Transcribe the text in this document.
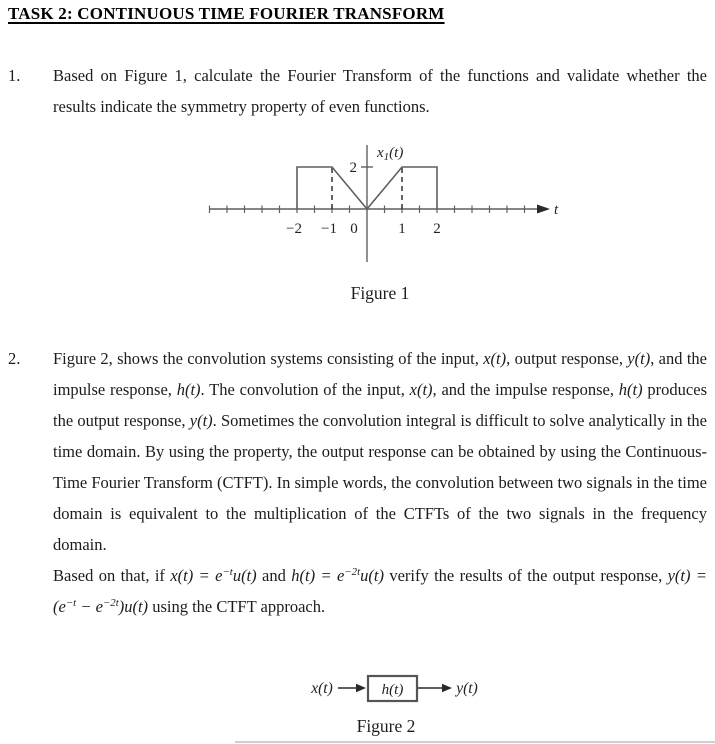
TASK 2: CONTINUOUS TIME FOURIER TRANSFORM
1. Based on Figure 1, calculate the Fourier Transform of the functions and validate whether the results indicate the symmetry property of even functions.
t
$x_1(t)$
2
−2 −1 0	1 2
Figure 1
2. Figure 2, shows the convolution systems consisting of the input, x(t), output response, y(t), and the impulse response, h(t). The convolution of the input, x(t), and the impulse response, h(t) produces the output response, y(t). Sometimes the convolution integral is difficult to solve analytically in the time domain. By using the property, the output response can be obtained by using the Continuous-Time Fourier Transform (CTFT). In simple words, the convolution between two signals in the time domain is equivalent to the multiplication of the CTFTs of the two signals in the frequency domain.

Based on that, if $x(t) = e^{-t}u(t)$ and $h(t) = e^{-2t}u(t)$ verify the results of the output response, $y(t) = (e^{-t} - e^{-2t})u(t)$ using the CTFT approach.

x(t)	h(t)	y(t)
Figure 2
